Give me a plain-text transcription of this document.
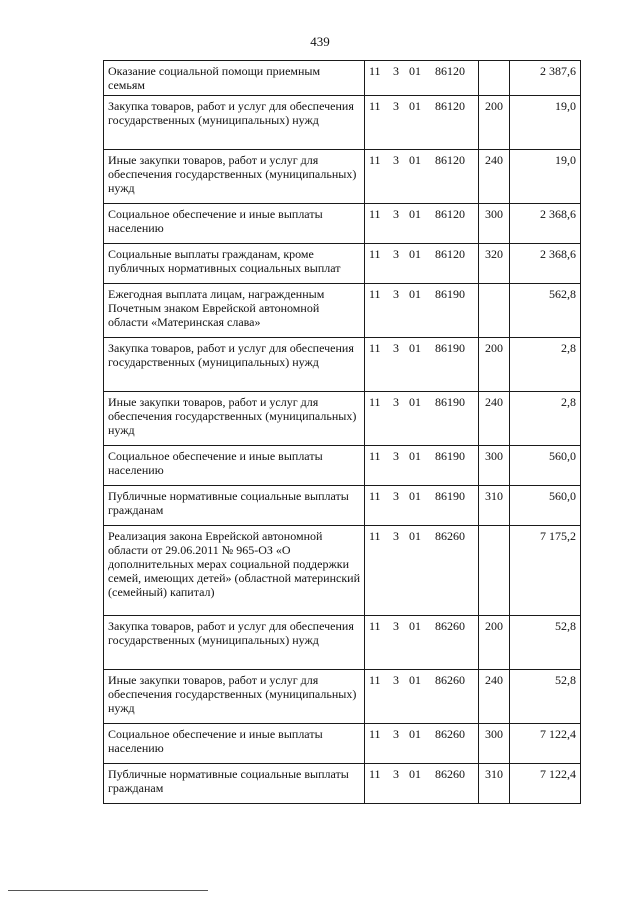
439
Оказание социальной помощи приемным семьям	11 3 01 86120		2 387,6
Закупка товаров, работ и услуг для обеспечения государственных (муниципальных) нужд	11 3 01 86120	200	19,0
Иные закупки товаров, работ и услуг для обеспечения государственных (муниципальных) нужд	11 3 01 86120	240	19,0
Социальное обеспечение и иные выплаты населению	11 3 01 86120	300	2 368,6
Социальные выплаты гражданам, кроме публичных нормативных социальных выплат	11 3 01 86120	320	2 368,6
Ежегодная выплата лицам, награжденным Почетным знаком Еврейской автономной области «Материнская слава»	11 3 01 86190		562,8
Закупка товаров, работ и услуг для обеспечения государственных (муниципальных) нужд	11 3 01 86190	200	2,8
Иные закупки товаров, работ и услуг для обеспечения государственных (муниципальных) нужд	11 3 01 86190	240	2,8
Социальное обеспечение и иные выплаты населению	11 3 01 86190	300	560,0
Публичные нормативные социальные выплаты гражданам	11 3 01 86190	310	560,0
Реализация закона Еврейской автономной области от 29.06.2011 № 965-ОЗ «О дополнительных мерах социальной поддержки семей, имеющих детей» (областной материнский (семейный) капитал)	11 3 01 86260		7 175,2
Закупка товаров, работ и услуг для обеспечения государственных (муниципальных) нужд	11 3 01 86260	200	52,8
Иные закупки товаров, работ и услуг для обеспечения государственных (муниципальных) нужд	11 3 01 86260	240	52,8
Социальное обеспечение и иные выплаты населению	11 3 01 86260	300	7 122,4
Публичные нормативные социальные выплаты гражданам	11 3 01 86260	310	7 122,4
